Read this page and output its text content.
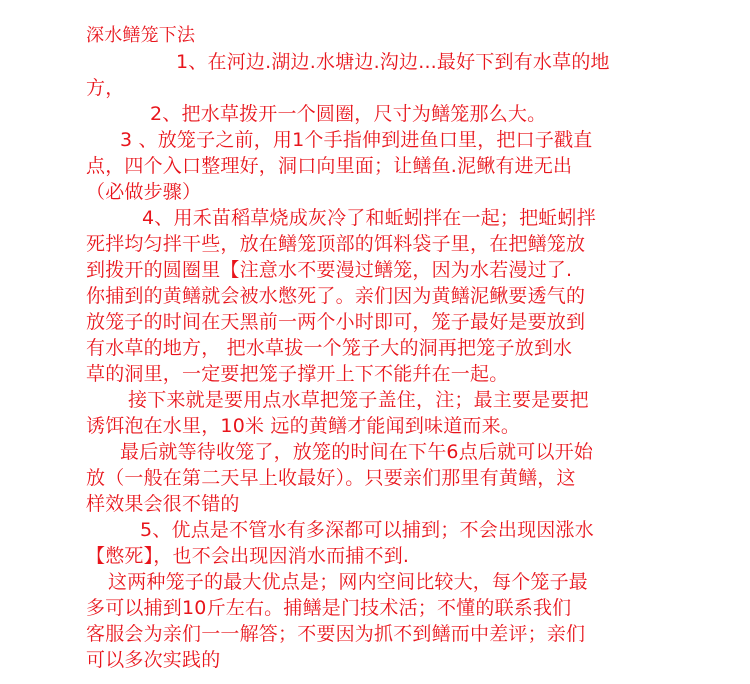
深水鳝笼下法
1、在河边.湖边.水塘边.沟边...最好下到有水草的地
方，
2、把水草拨开一个圆圈，尺寸为鳝笼那么大。
3 、放笼子之前，用1个手指伸到进鱼口里，把口子戳直
点，四个入口整理好，洞口向里面；让鳝鱼.泥鳅有进无出
（必做步骤）
4、用禾苗稻草烧成灰冷了和蚯蚓拌在一起；把蚯蚓拌
死拌均匀拌干些，放在鳝笼顶部的饵料袋子里，在把鳝笼放
到拨开的圆圈里【注意水不要漫过鳝笼，因为水若漫过了.
你捕到的黄鳝就会被水憋死了。亲们因为黄鳝泥鳅要透气的
放笼子的时间在天黑前一两个小时即可，笼子最好是要放到
有水草的地方， 把水草拔一个笼子大的洞再把笼子放到水
草的洞里，一定要把笼子撑开上下不能幷在一起。
接下来就是要用点水草把笼子盖住，注；最主要是要把
诱饵泡在水里，10米 远的黄鳝才能闻到味道而来。
最后就等待收笼了，放笼的时间在下午6点后就可以开始
放（一般在第二天早上收最好）。只要亲们那里有黄鳝，这
样效果会很不错的
5、优点是不管水有多深都可以捕到；不会出现因涨水
【憋死】，也不会出现因消水而捕不到.
这两种笼子的最大优点是；网内空间比较大，每个笼子最
多可以捕到10斤左右。捕鳝是门技术活；不懂的联系我们
客服会为亲们一一解答；不要因为抓不到鳝而中差评；亲们
可以多次实践的
